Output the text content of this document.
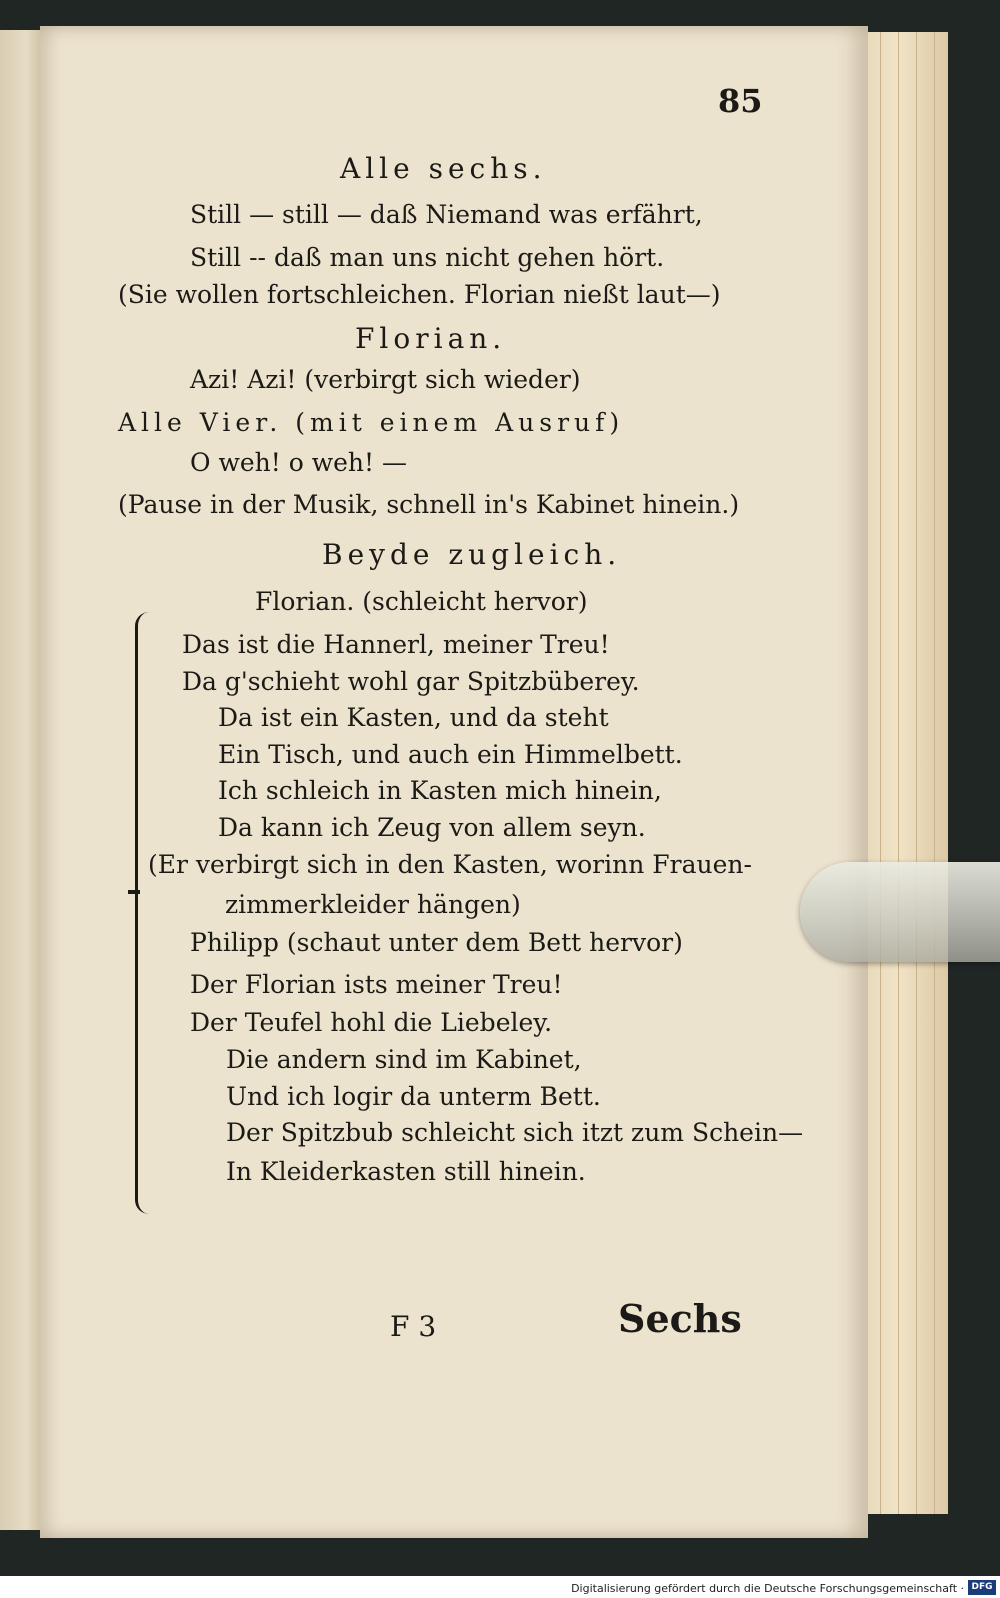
85
Alle sechs.
Still — still — daß Niemand was erfährt,
Still -- daß man uns nicht gehen hört.
(Sie wollen fortschleichen. Florian nießt laut—)
Florian.
Azi! Azi! (verbirgt sich wieder)
Alle Vier. (mit einem Ausruf)
O weh! o weh! —
(Pause in der Musik, schnell in's Kabinet hinein.)
Beyde zugleich.
Florian. (schleicht hervor)
Das ist die Hannerl, meiner Treu!
Da g'schieht wohl gar Spitzbüberey.
Da ist ein Kasten, und da steht
Ein Tisch, und auch ein Himmelbett.
Ich schleich in Kasten mich hinein,
Da kann ich Zeug von allem seyn.
(Er verbirgt sich in den Kasten, worinn Frauen-
zimmerkleider hängen)
Philipp (schaut unter dem Bett hervor)
Der Florian ists meiner Treu!
Der Teufel hohl die Liebeley.
Die andern sind im Kabinet,
Und ich logir da unterm Bett.
Der Spitzbub schleicht sich itzt zum Schein—
In Kleiderkasten still hinein.
F 3	Sechs
Digitalisierung gefördert durch die Deutsche Forschungsgemeinschaft · DFG
